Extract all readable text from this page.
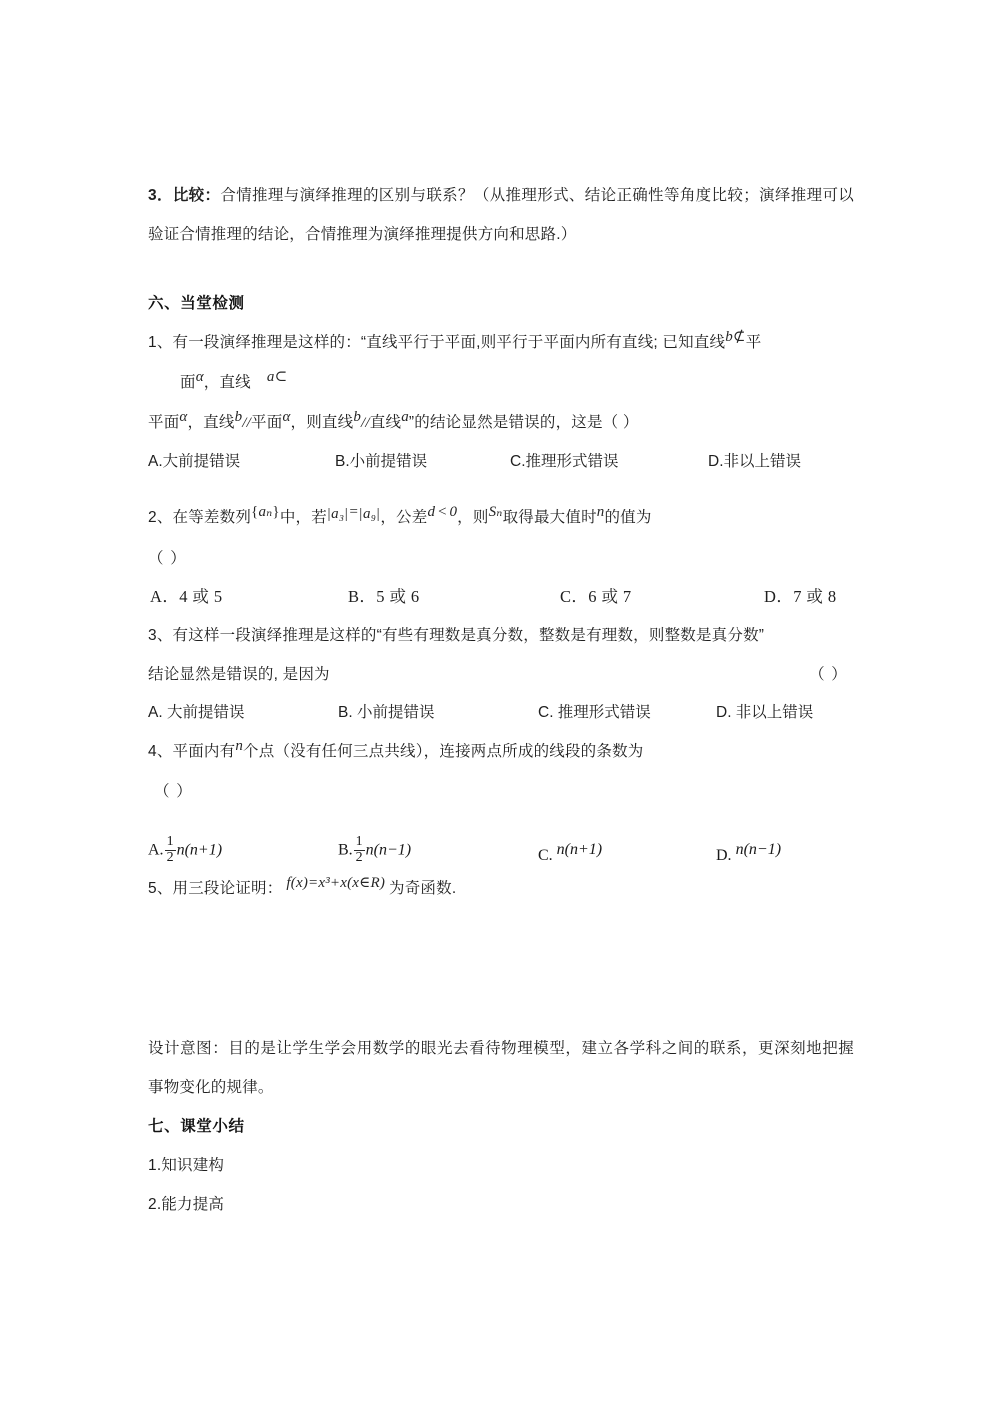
3．比较：合情推理与演绎推理的区别与联系？（从推理形式、结论正确性等角度比较；演绎推理可以验证合情推理的结论，合情推理为演绎推理提供方向和思路.）
六、当堂检测
1、有一段演绎推理是这样的：“直线平行于平面,则平行于平面内所有直线; 已知直线b⊄平
面α，直线 a⊂
平面α，直线b//平面α，则直线b//直线a”的结论显然是错误的，这是（ ）
A.大前提错误	B.小前提错误	C.推理形式错误	D.非以上错误
2、在等差数列 { aₙ } 中，若 | a₃ | = | a₉ | ，公差d < 0，则Sₙ取得最大值时n的值为
（ ）
A．4 或 5	B．5 或 6	C．6 或 7	D．7 或 8
3、有这样一段演绎推理是这样的“有些有理数是真分数，整数是有理数，则整数是真分数”
结论显然是错误的, 是因为	（ ）
A. 大前提错误	B. 小前提错误	C. 推理形式错误	D. 非以上错误
4、平面内有n个点（没有任何三点共线），连接两点所成的线段的条数为
（ ）
A. $\frac{1}{2} n(n+1)$	B. $\frac{1}{2} n(n-1)$	C. n(n+1)	D. n(n−1)
5、用三段论证明： f(x)=x³+x(x∈R) 为奇函数.
设计意图：目的是让学生学会用数学的眼光去看待物理模型，建立各学科之间的联系，更深刻地把握事物变化的规律。
七、课堂小结
1.知识建构
2.能力提高
